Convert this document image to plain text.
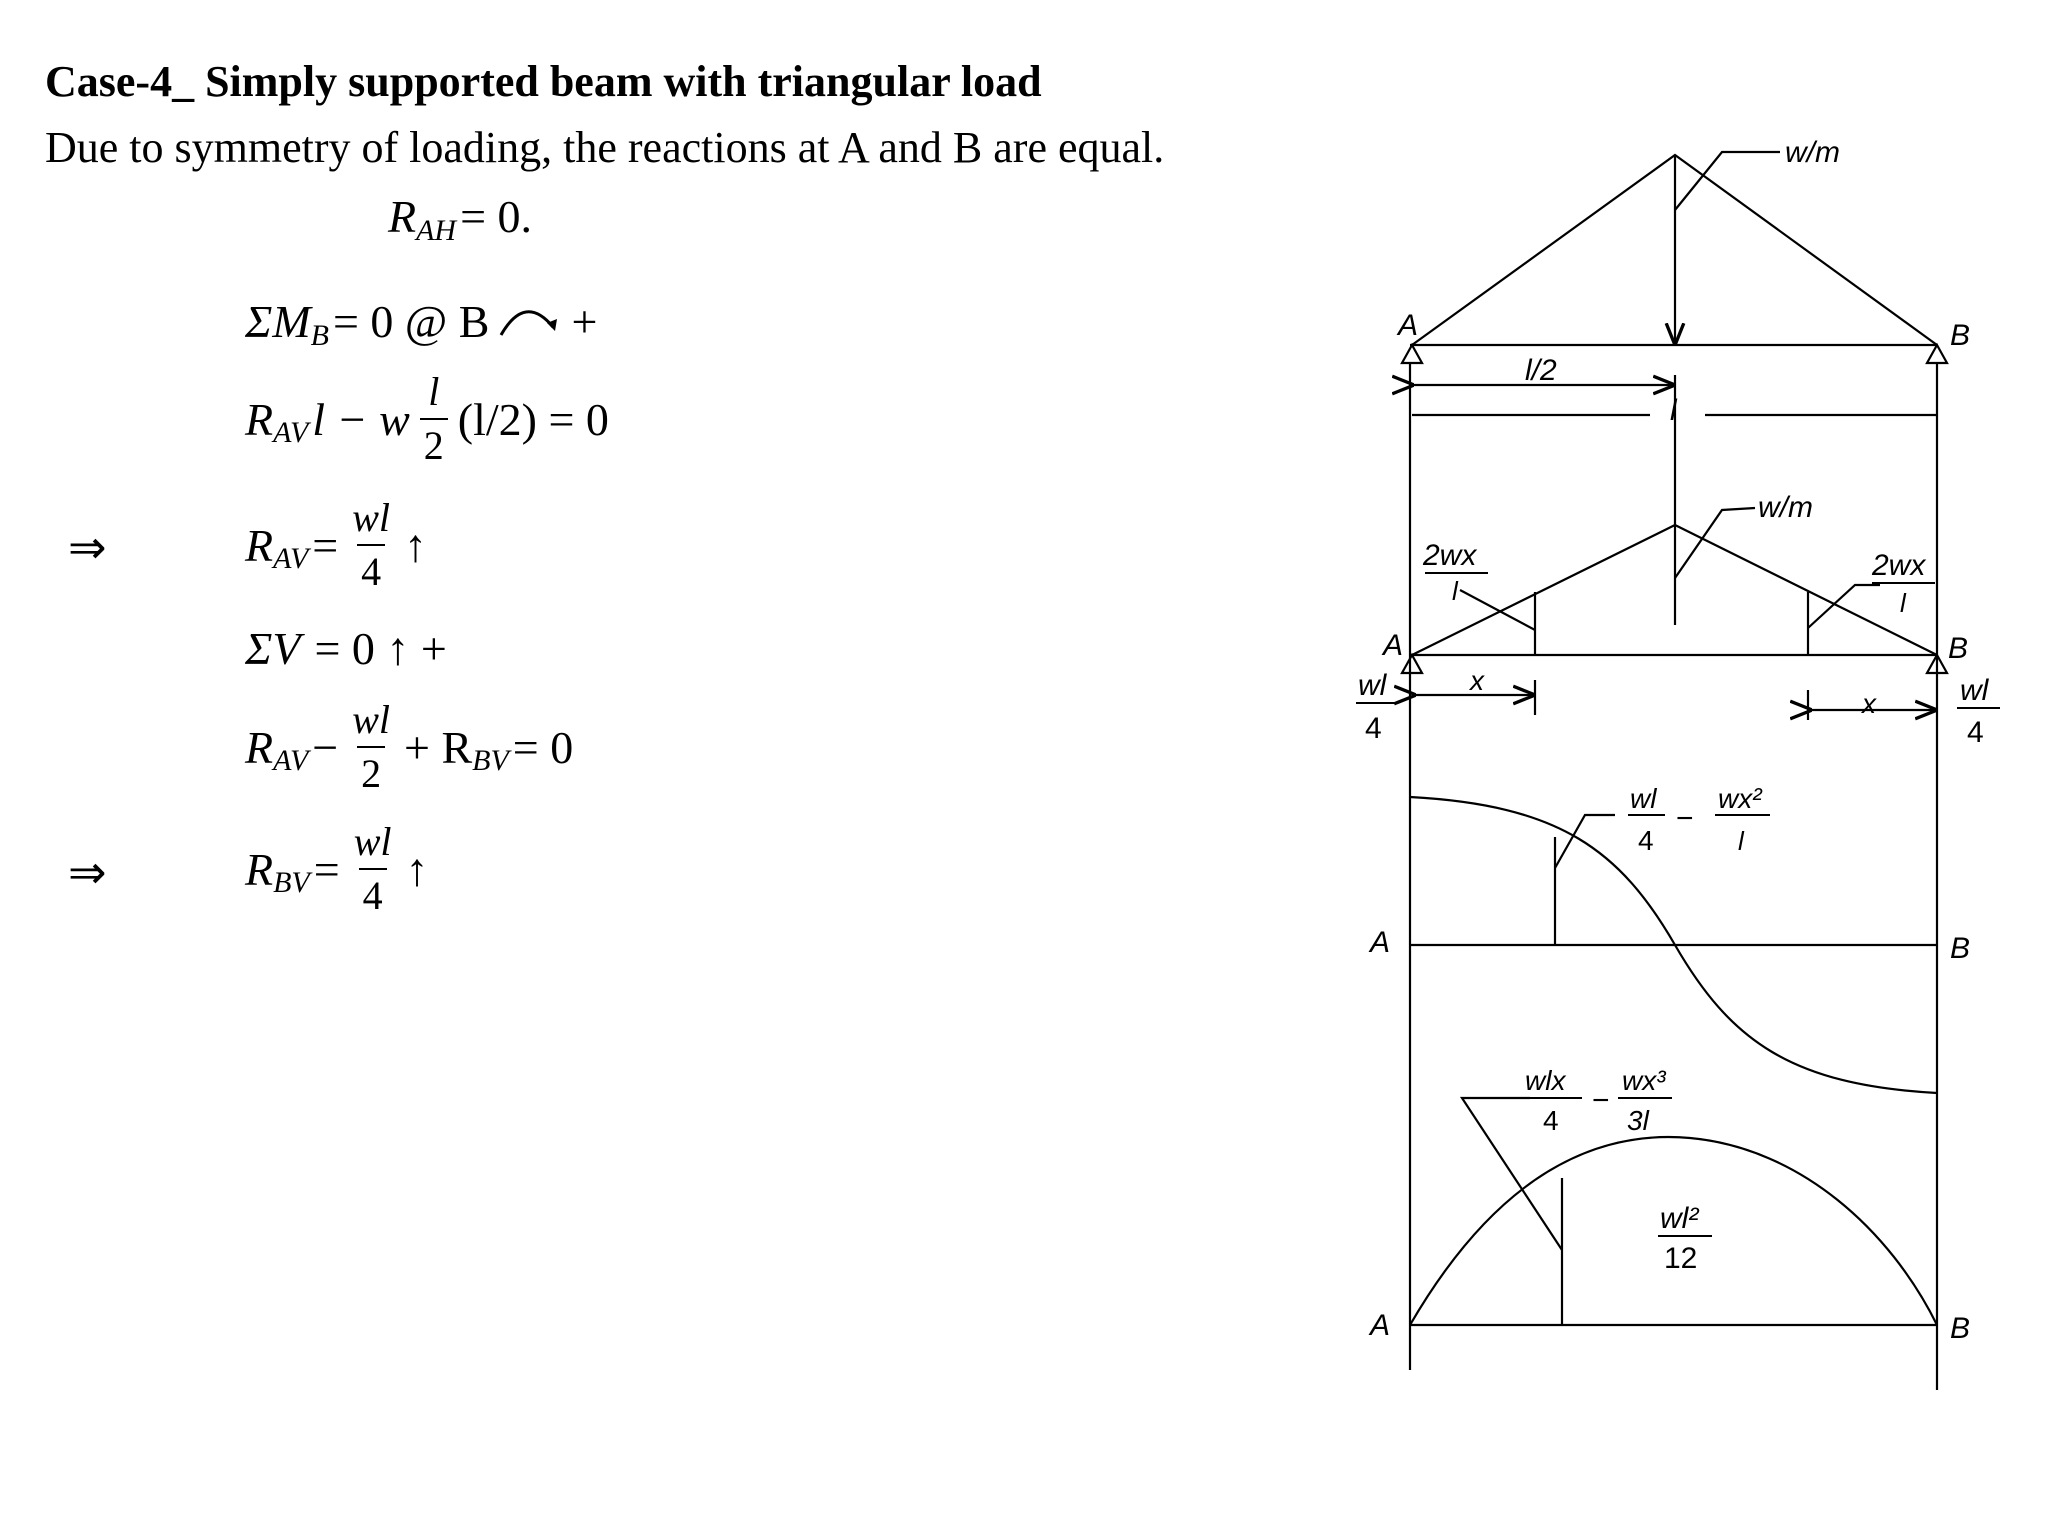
Case-4_ Simply supported beam with triangular load
Due to symmetry of loading, the reactions at A and B are equal.
R AH = 0.
ΣM B = 0 @ B +
R AV l − w $\frac{l}{2} (l/2) = 0$
⇒	R AV = $\frac{wl}{4}$ ↑
ΣV = 0 ↑ +
R AV − $\frac{wl}{2} + R$ BV = 0
⇒	R BV = $\frac{wl}{4}$ ↑
w/m
A	B
l/2
l
w/m
2wx
l
2wx
l
A	B
x
x
wl
4
wl
4
wl
4
−
wx²
l
A	B
wlx
4
−
wx³
3l
wl²
12
A	B
